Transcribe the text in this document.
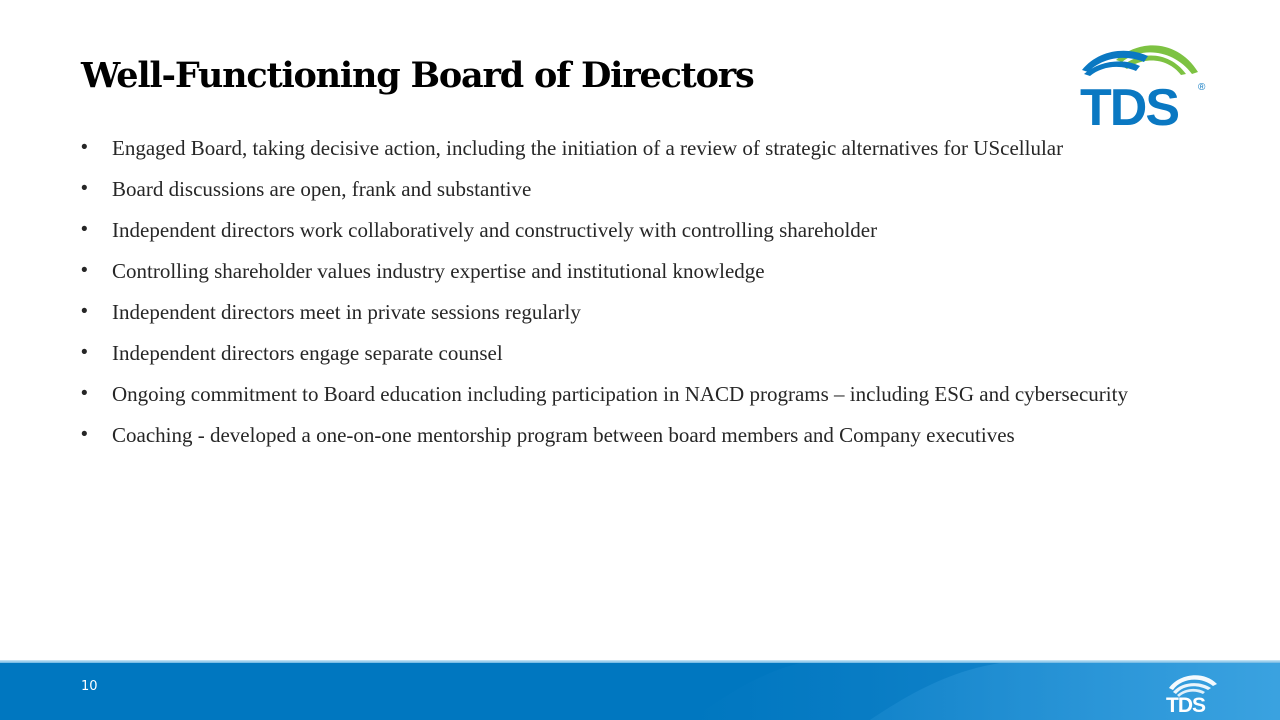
Well-Functioning Board of Directors
TDS ®
• Engaged Board, taking decisive action, including the initiation of a review of strategic alternatives for UScellular
• Board discussions are open, frank and substantive
• Independent directors work collaboratively and constructively with controlling shareholder
• Controlling shareholder values industry expertise and institutional knowledge
• Independent directors meet in private sessions regularly
• Independent directors engage separate counsel
• Ongoing commitment to Board education including participation in NACD programs – including ESG and cybersecurity
• Coaching - developed a one-on-one mentorship program between board members and Company executives
10
TDS
